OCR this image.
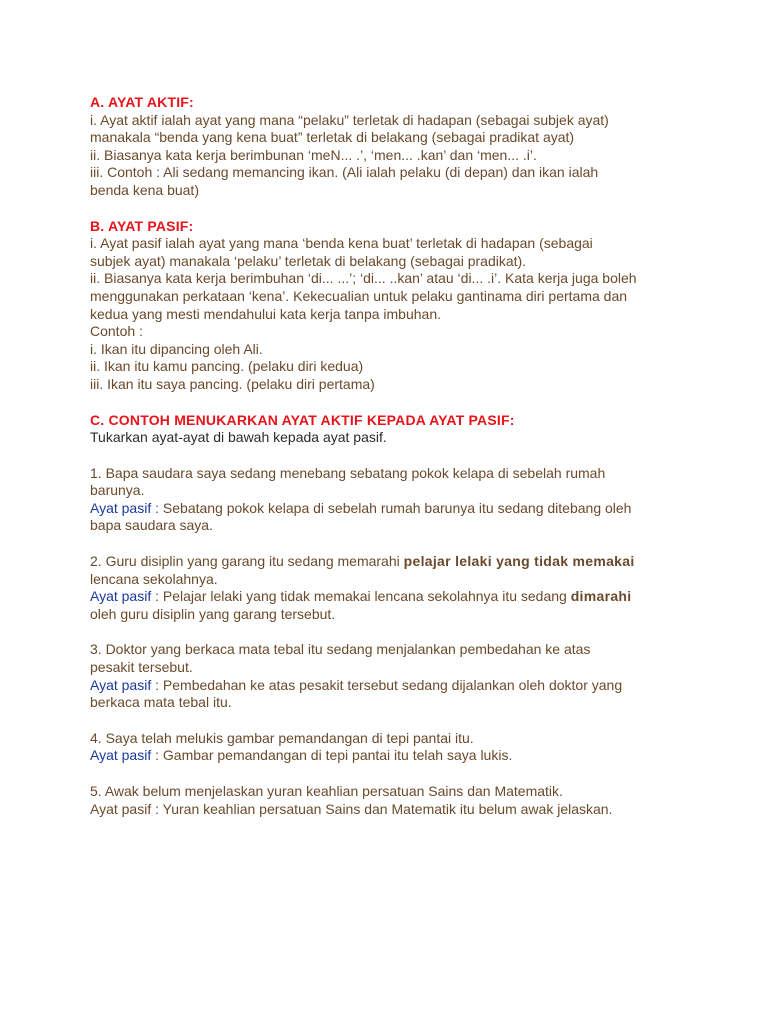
A. AYAT AKTIF:
i. Ayat aktif ialah ayat yang mana “pelaku” terletak di hadapan (sebagai subjek ayat)
manakala “benda yang kena buat” terletak di belakang (sebagai pradikat ayat)
ii. Biasanya kata kerja berimbunan ‘meN... .’, ‘men... .kan’ dan ‘men... .i’.
iii. Contoh : Ali sedang memancing ikan. (Ali ialah pelaku (di depan) dan ikan ialah
benda kena buat)
B. AYAT PASIF:
i. Ayat pasif ialah ayat yang mana ‘benda kena buat’ terletak di hadapan (sebagai
subjek ayat) manakala ‘pelaku’ terletak di belakang (sebagai pradikat).
ii. Biasanya kata kerja berimbuhan ‘di... ...’; ‘di... ..kan’ atau ‘di... .i’. Kata kerja juga boleh
menggunakan perkataan ‘kena’. Kekecualian untuk pelaku gantinama diri pertama dan
kedua yang mesti mendahului kata kerja tanpa imbuhan.
Contoh :
i. Ikan itu dipancing oleh Ali.
ii. Ikan itu kamu pancing. (pelaku diri kedua)
iii. Ikan itu saya pancing. (pelaku diri pertama)
C. CONTOH MENUKARKAN AYAT AKTIF KEPADA AYAT PASIF:
Tukarkan ayat-ayat di bawah kepada ayat pasif.
1. Bapa saudara saya sedang menebang sebatang pokok kelapa di sebelah rumah
barunya.
Ayat pasif : Sebatang pokok kelapa di sebelah rumah barunya itu sedang ditebang oleh
bapa saudara saya.
2. Guru disiplin yang garang itu sedang memarahi pelajar lelaki yang tidak memakai
lencana sekolahnya.
Ayat pasif : Pelajar lelaki yang tidak memakai lencana sekolahnya itu sedang dimarahi
oleh guru disiplin yang garang tersebut.
3. Doktor yang berkaca mata tebal itu sedang menjalankan pembedahan ke atas
pesakit tersebut.
Ayat pasif : Pembedahan ke atas pesakit tersebut sedang dijalankan oleh doktor yang
berkaca mata tebal itu.
4. Saya telah melukis gambar pemandangan di tepi pantai itu.
Ayat pasif : Gambar pemandangan di tepi pantai itu telah saya lukis.
5. Awak belum menjelaskan yuran keahlian persatuan Sains dan Matematik.
Ayat pasif : Yuran keahlian persatuan Sains dan Matematik itu belum awak jelaskan.
